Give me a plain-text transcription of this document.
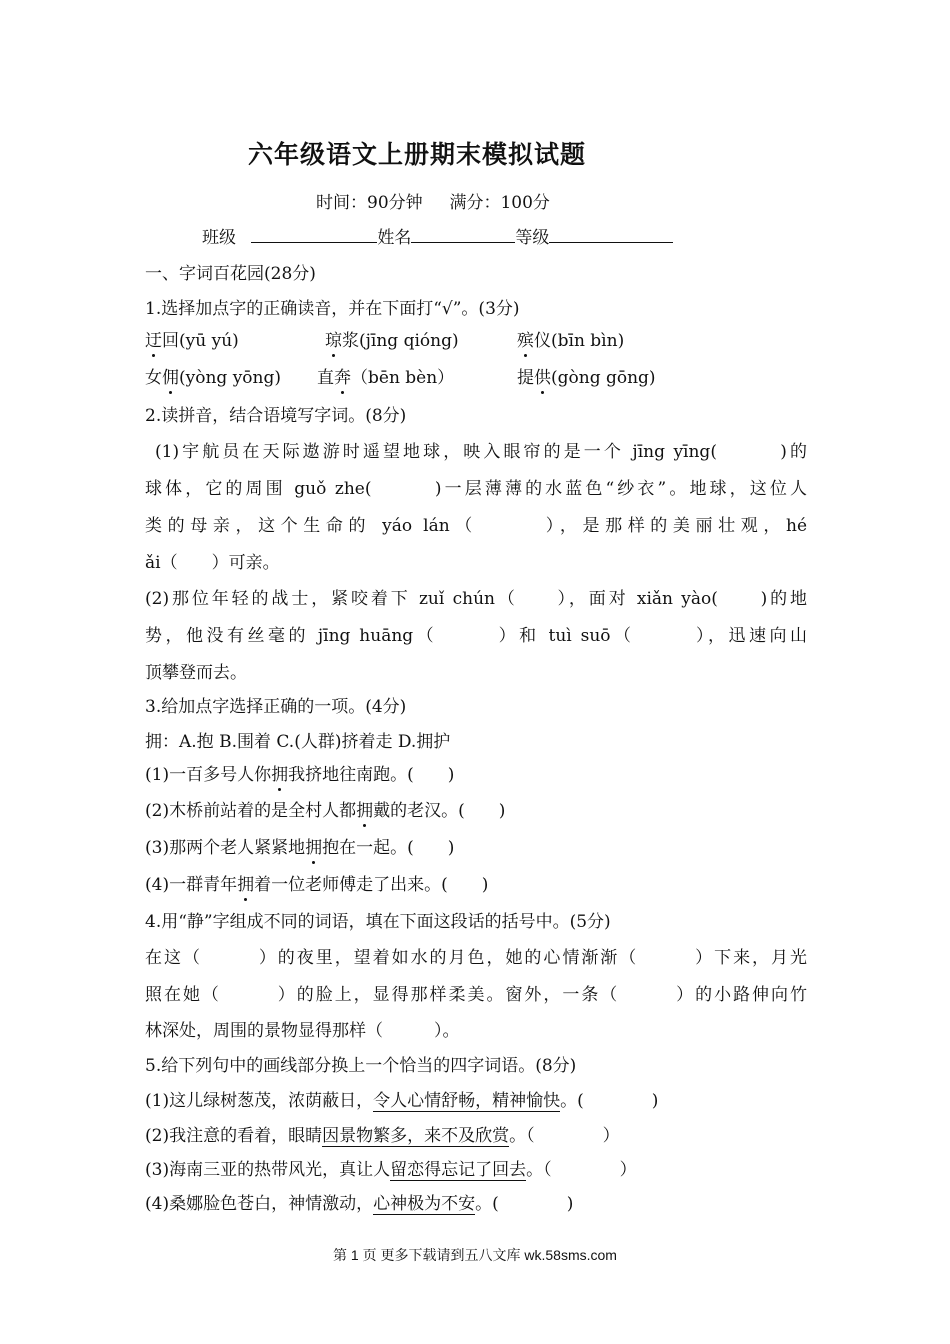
六年级语文上册期末模拟试题
时间：90分钟 满分：100分
班级	姓名	等级
一、字词百花园(28分)
1.选择加点字的正确读音，并在下面打“√”。(3分)
迂回(yū yú)	琼浆(jīng qióng)	殡仪(bīn bìn)
女佣(yòng yōng) 直奔（bēn bèn）	提供(gòng gōng)
2.读拼音，结合语境写字词。(8分)
(1)宇航员在天际遨游时遥望地球，映入眼帘的是一个 jīng yīng(　　　)的
球体，它的周围 guǒ zhe(　　　)一层薄薄的水蓝色“纱衣”。地球，这位人
类的母亲，这个生命的 yáo lán（　　　），是那样的美丽壮观，hé
ǎi（　　）可亲。
(2)那位年轻的战士，紧咬着下 zuǐ chún（　　），面对 xiǎn yào(　　)的地
势，他没有丝毫的 jīng huāng（　　　）和 tuì suō（　　　），迅速向山
顶攀登而去。
3.给加点字选择正确的一项。(4分)
拥：A.抱 B.围着 C.(人群)挤着走 D.拥护
(1)一百多号人你拥我挤地往南跑。(　　)
(2)木桥前站着的是全村人都拥戴的老汉。(　　)
(3)那两个老人紧紧地拥抱在一起。(　　)
(4)一群青年拥着一位老师傅走了出来。(　　)
4.用“静”字组成不同的词语，填在下面这段话的括号中。(5分)
在这（　　　）的夜里，望着如水的月色，她的心情渐渐（　　　）下来，月光
照在她（　　　）的脸上，显得那样柔美。窗外，一条（　　　）的小路伸向竹
林深处，周围的景物显得那样（　　　）。
5.给下列句中的画线部分换上一个恰当的四字词语。(8分)
(1)这儿绿树葱茂，浓荫蔽日，令人心情舒畅，精神愉快。(　　　　)
(2)我注意的看着，眼睛因景物繁多，来不及欣赏。（　　　　）
(3)海南三亚的热带风光，真让人留恋得忘记了回去。（　　　　）
(4)桑娜脸色苍白，神情激动，心神极为不安。(　　　　)
第 1 页 更多下载请到五八文库 wk.58sms.com
